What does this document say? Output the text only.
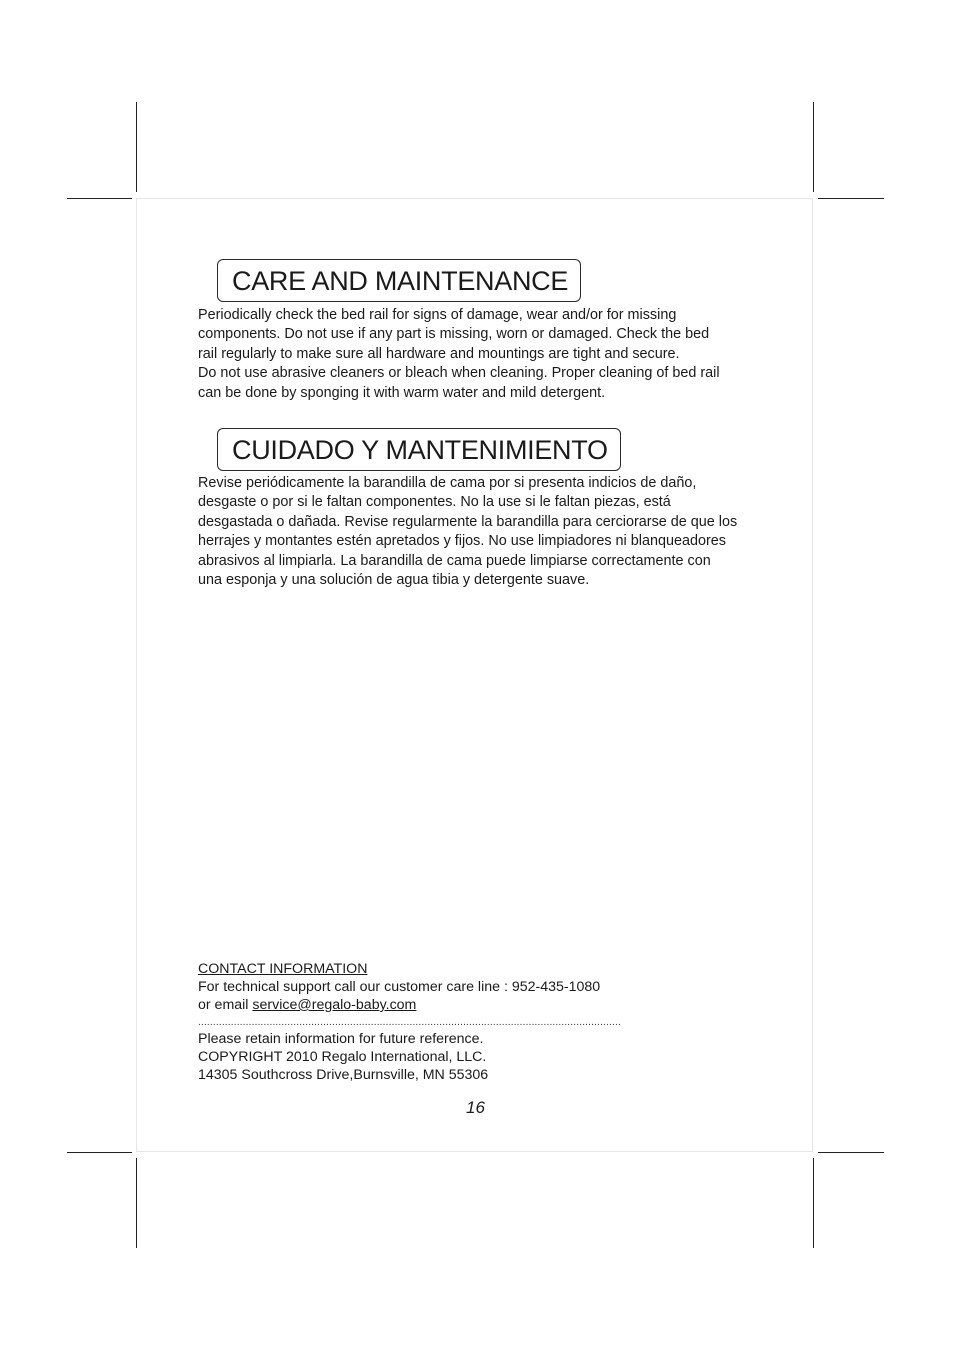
CARE AND MAINTENANCE

Periodically check the bed rail for signs of damage, wear and/or for missing
components. Do not use if any part is missing, worn or damaged. Check the bed
rail regularly to make sure all hardware and mountings are tight and secure.
Do not use abrasive cleaners or bleach when cleaning. Proper cleaning of bed rail
can be done by sponging it with warm water and mild detergent.

CUIDADO Y MANTENIMIENTO

Revise periódicamente la barandilla de cama por si presenta indicios de daño,
desgaste o por si le faltan componentes. No la use si le faltan piezas, está
desgastada o dañada. Revise regularmente la barandilla para cerciorarse de que los
herrajes y montantes estén apretados y fijos. No use limpiadores ni blanqueadores
abrasivos al limpiarla. La barandilla de cama puede limpiarse correctamente con
una esponja y una solución de agua tibia y detergente suave.

CONTACT INFORMATION
For technical support call our customer care line : 952-435-1080
or email service@regalo-baby.com
..............................................................................................................................................
Please retain information for future reference.
COPYRIGHT 2010 Regalo International, LLC.
14305 Southcross Drive,Burnsville, MN 55306
16
